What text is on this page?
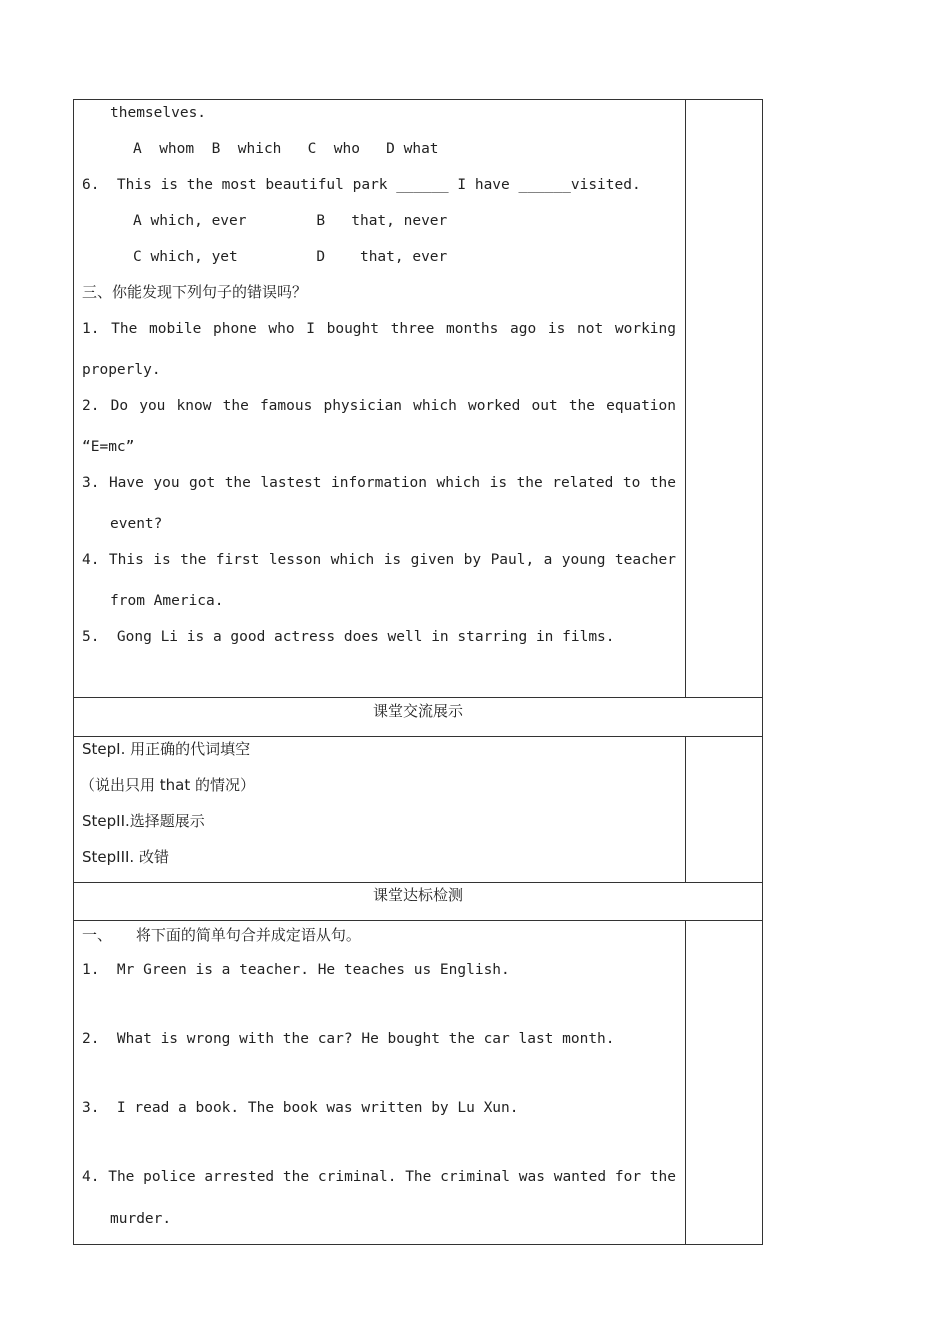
themselves.
A  whom  B  which   C  who   D what
6.  This is the most beautiful park ______ I have ______visited.
A which, ever        B   that, never
C which, yet         D    that, ever
三、你能发现下列句子的错误吗？
1. The mobile phone who I bought three months ago is not working
properly.
2. Do you know the famous physician which worked out the equation
“E=mc”
3. Have you got the lastest information which is the related to the
event?
4. This is the first lesson which is given by Paul, a young teacher
from America.
5.  Gong Li is a good actress does well in starring in films.
课堂交流展示
StepI. 用正确的代词填空
（说出只用 that 的情况）
StepII.选择题展示
StepIII. 改错
课堂达标检测
一、     将下面的简单句合并成定语从句。
1.  Mr Green is a teacher. He teaches us English.
2.  What is wrong with the car? He bought the car last month.
3.  I read a book. The book was written by Lu Xun.
4. The police arrested the criminal. The criminal was wanted for the
murder.
